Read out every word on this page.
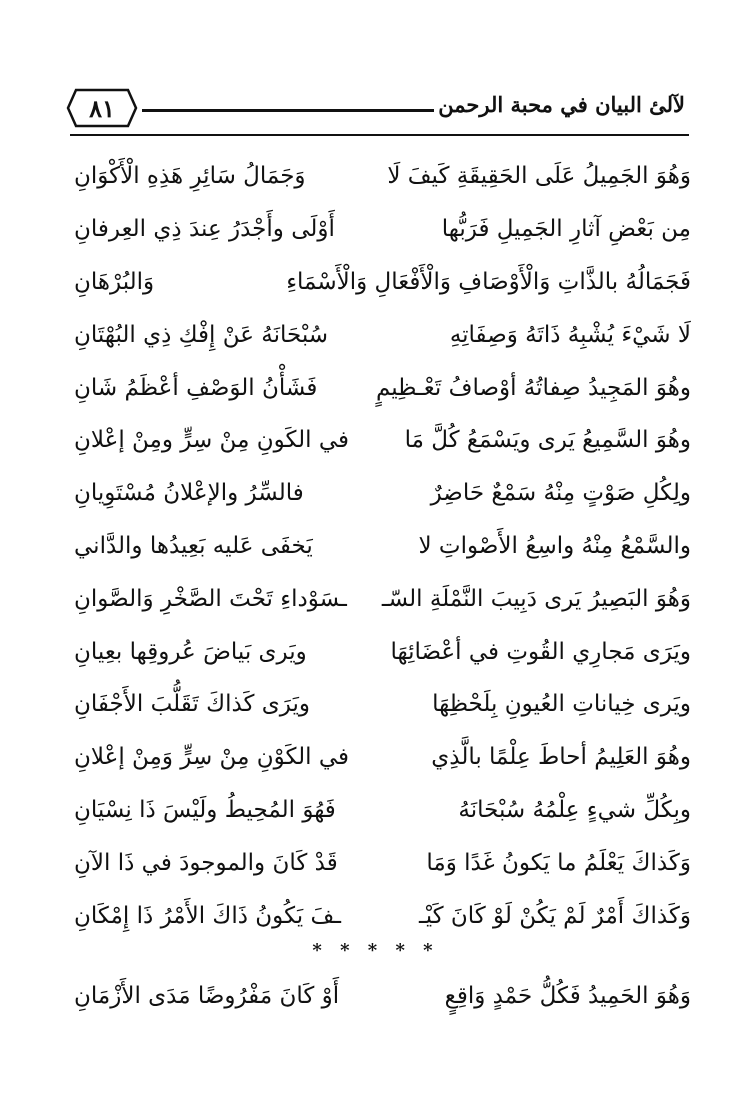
٨١	لآلئ البيان في محبة الرحمن
وَهُوَ الجَمِيلُ عَلَى الحَقِيقَةِ كَيفَ لَا
وَجَمَالُ سَائِرِ هَذِهِ الْأَكْوَانِ
مِن بَعْضِ آثارِ الجَمِيلِ فَرَبُّها
أَوْلَى وأَجْدَرُ عِندَ ذِي العِرفانِ
فَجَمَالُهُ بالذَّاتِ وَالْأَوْصَافِ وَالْأَفْعَالِ وَالْأَسْمَاءِ
وَالبُرْهَانِ
لَا شَيْءَ يُشْبِهُ ذَاتَهُ وَصِفَاتِهِ
سُبْحَانَهُ عَنْ إِفْكِ ذِي البُهْتَانِ
وهُوَ المَجِيدُ صِفاتُهُ أوْصافُ تَعْـظِيمٍ
فَشَأْنُ الوَصْفِ أعْظَمُ شَانِ
وهُوَ السَّمِيعُ يَرى ويَسْمَعُ كُلَّ مَا
في الكَونِ مِنْ سِرٍّ ومِنْ إعْلانِ
ولِكُلِ صَوْتٍ مِنْهُ سَمْعٌ حَاضِرٌ
فالسِّرُ والإعْلانُ مُسْتَوِيانِ
والسَّمْعُ مِنْهُ واسِعُ الأَصْواتِ لا
يَخفَى عَليه بَعِيدُها والدَّاني
وَهُوَ البَصِيرُ يَرى دَبِيبَ النَّمْلَةِ السّـ
ـسَوْداءِ تَحْتَ الصَّخْرِ وَالصَّوانِ
ويَرَى مَجارِي القُوتِ في أعْضَائِهَا
ويَرى بَياضَ عُروقِها بعِيانِ
ويَرى خِياناتِ العُيونِ بِلَحْظِهَا
ويَرَى كَذاكَ تَقَلُّبَ الأَجْفَانِ
وهُوَ العَلِيمُ أحاطَ عِلْمًا بالَّذِي
في الكَوْنِ مِنْ سِرٍّ وَمِنْ إعْلانِ
وبِكُلِّ شيءٍ عِلْمُهُ سُبْحَانَهُ
فَهُوَ المُحِيطُ ولَيْسَ ذَا نِسْيَانِ
وَكَذاكَ يَعْلَمُ ما يَكونُ غَدًا وَمَا
قَدْ كَانَ والموجودَ في ذَا الآنِ
وَكَذاكَ أَمْرٌ لَمْ يَكُنْ لَوْ كَانَ كَيْـ
ـفَ يَكُونُ ذَاكَ الأَمْرُ ذَا إِمْكَانِ
* * * * *
وَهُوَ الحَمِيدُ فَكُلُّ حَمْدٍ وَاقِعٍ
أَوْ كَانَ مَفْرُوضًا مَدَى الأَزْمَانِ
